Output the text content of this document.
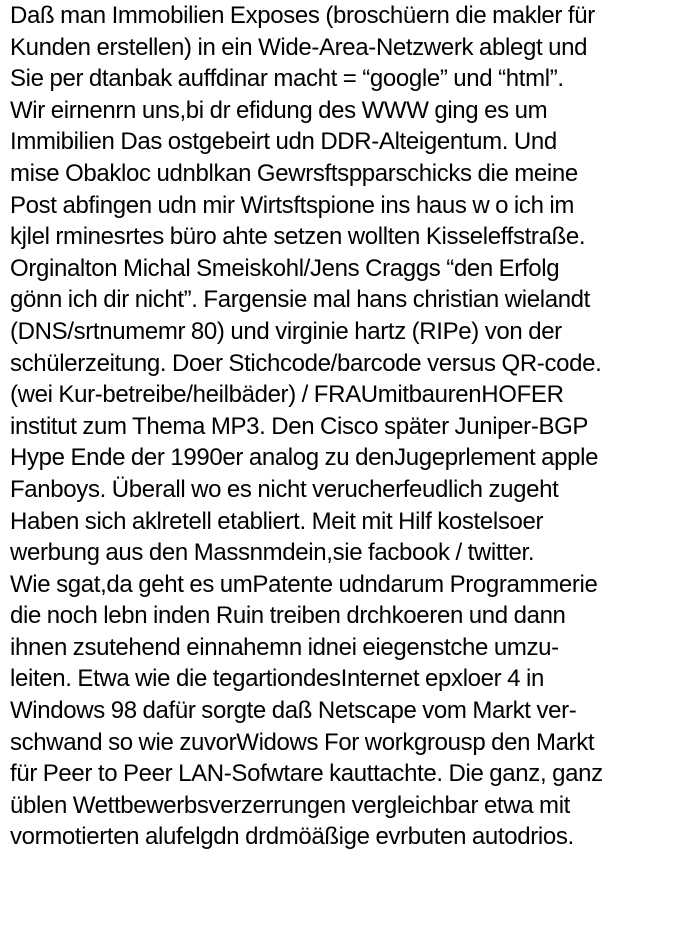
Daß man Immobilien Exposes (broschüern die makler für
Kunden erstellen) in ein Wide-Area-Netzwerk ablegt und
Sie per dtanbak auffdinar macht = “google” und “html”.
Wir eirnenrn uns,bi dr efidung des WWW ging es um
Immibilien Das ostgebeirt udn DDR-Alteigentum. Und
mise Obakloc udnblkan Gewrsftspparschicks die meine
Post abfingen udn mir Wirtsftspione ins haus w o ich im
kjlel rminesrtes büro ahte setzen wollten Kisseleffstraße.
Orginalton Michal Smeiskohl/Jens Craggs “den Erfolg
gönn ich dir nicht”. Fargensie mal hans christian wielandt
(DNS/srtnumemr 80) und virginie hartz (RIPe) von der
schülerzeitung. Doer Stichcode/barcode versus QR-code.
(wei Kur-betreibe/heilbäder) / FRAUmitbaurenHOFER
institut zum Thema MP3. Den Cisco später Juniper-BGP
Hype Ende der 1990er analog zu denJugeprlement apple
Fanboys. Überall wo es nicht verucherfeudlich zugeht
Haben sich aklretell etabliert. Meit mit Hilf kostelsoer
werbung aus den Massnmdein,sie facbook / twitter.
Wie sgat,da geht es umPatente udndarum Programmerie
die noch lebn inden Ruin treiben drchkoeren und dann
ihnen zsutehend einnahemn idnei eiegenstche umzu-
leiten. Etwa wie die tegartiondesInternet epxloer 4 in
Windows 98 dafür sorgte daß Netscape vom Markt ver-
schwand so wie zuvorWidows For workgrousp den Markt
für Peer to Peer LAN-Sofwtare kauttachte. Die ganz, ganz
üblen Wettbewerbsverzerrungen vergleichbar etwa mit
vormotierten alufelgdn drdmöäßige evrbuten autodrios.
